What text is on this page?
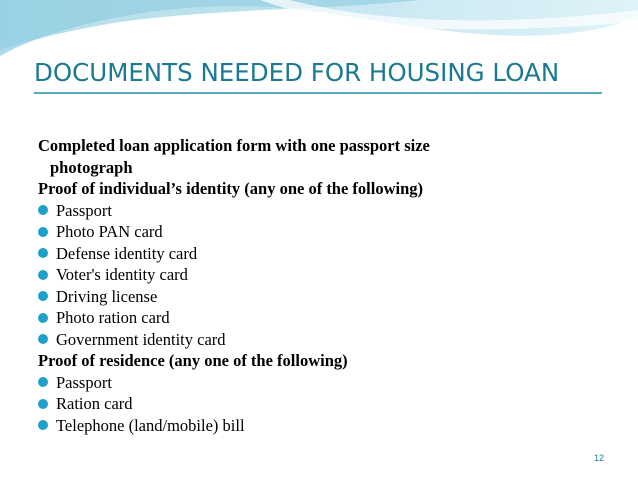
DOCUMENTS NEEDED FOR HOUSING LOAN
Completed loan application form with one passport size
photograph
Proof of individual’s identity (any one of the following)
Passport
Photo PAN card
Defense identity card
Voter's identity card
Driving license
Photo ration card
Government identity card
Proof of residence (any one of the following)
Passport
Ration card
Telephone (land/mobile) bill
12
